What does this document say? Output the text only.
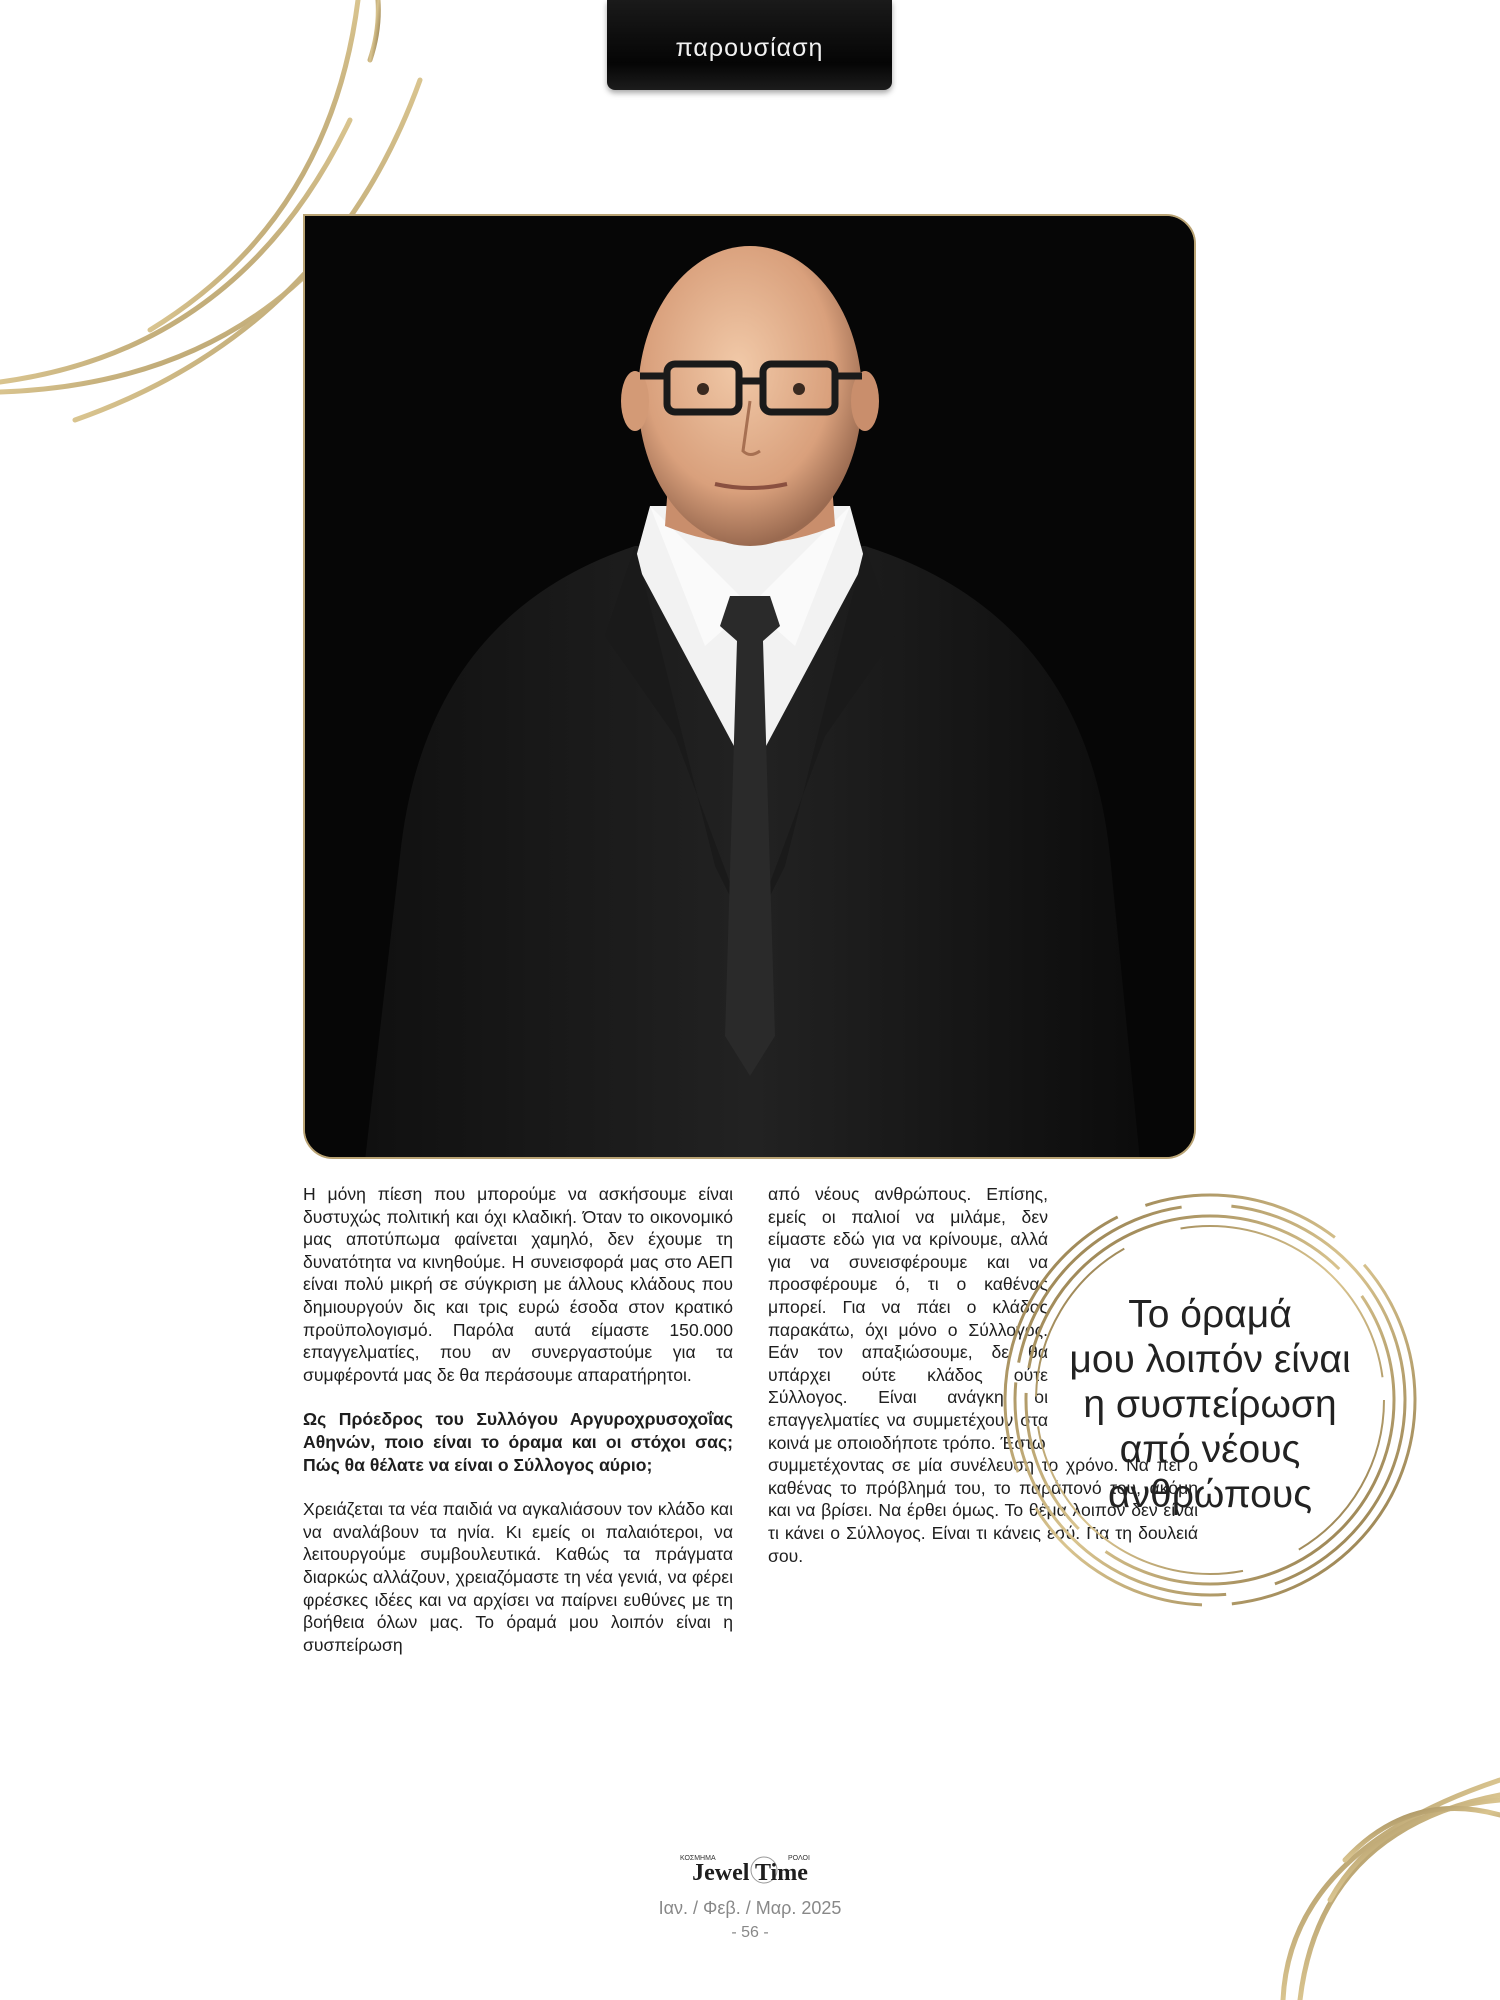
παρουσίαση

Η μόνη πίεση που μπορούμε να ασκήσουμε είναι δυστυχώς πολιτική και όχι κλαδική. Όταν το οικονομικό μας αποτύπωμα φαίνεται χαμηλό, δεν έχουμε τη δυνατότητα να κινηθούμε. Η συνεισφορά μας στο ΑΕΠ είναι πολύ μικρή σε σύγκριση με άλλους κλάδους που δημιουργούν δις και τρις ευρώ έσοδα στον κρατικό προϋπολογισμό. Παρόλα αυτά είμαστε 150.000 επαγγελματίες, που αν συνεργαστούμε για τα συμφέροντά μας δε θα περάσουμε απαρατήρητοι.

Ως Πρόεδρος του Συλλόγου Αργυροχρυσοχοΐας Αθηνών, ποιο είναι το όραμα και οι στόχοι σας; Πώς θα θέλατε να είναι ο Σύλλογος αύριο;

Χρειάζεται τα νέα παιδιά να αγκαλιάσουν τον κλάδο και να αναλάβουν τα ηνία. Κι εμείς οι παλαιότεροι, να λειτουργούμε συμβουλευτικά. Καθώς τα πράγματα διαρκώς αλλάζουν, χρειαζόμαστε τη νέα γενιά, να φέρει φρέσκες ιδέες και να αρχίσει να παίρνει ευθύνες με τη βοήθεια όλων μας. Το όραμά μου λοιπόν είναι η συσπείρωση

από νέους ανθρώπους. Επίσης, εμείς οι παλιοί να μιλάμε, δεν είμαστε εδώ για να κρίνουμε, αλλά για να συνεισφέρουμε και να προσφέρουμε ό, τι ο καθένας μπορεί. Για να πάει ο κλάδος παρακάτω, όχι μόνο ο Σύλλογος. Εάν τον απαξιώσουμε, δε θα υπάρχει ούτε κλάδος ούτε Σύλλογος. Είναι ανάγκη οι επαγγελματίες να συμμετέχουν στα κοινά με οποιοδήποτε τρόπο. Έστω

συμμετέχοντας σε μία συνέλευση το χρόνο. Να πει ο καθένας το πρόβλημά του, το παράπονό του, ακόμη και να βρίσει. Να έρθει όμως. Το θέμα λοιπόν δεν είναι τι κάνει ο Σύλλογος. Είναι τι κάνεις εσύ. Για τη δουλειά σου.

Το όραμά
μου λοιπόν είναι
η συσπείρωση
από νέους
ανθρώπους
ΚΟΣΜΗΜΑ	ΡΟΛΟΙ
Jewel Time
Ιαν. / Φεβ. / Μαρ. 2025
- 56 -
